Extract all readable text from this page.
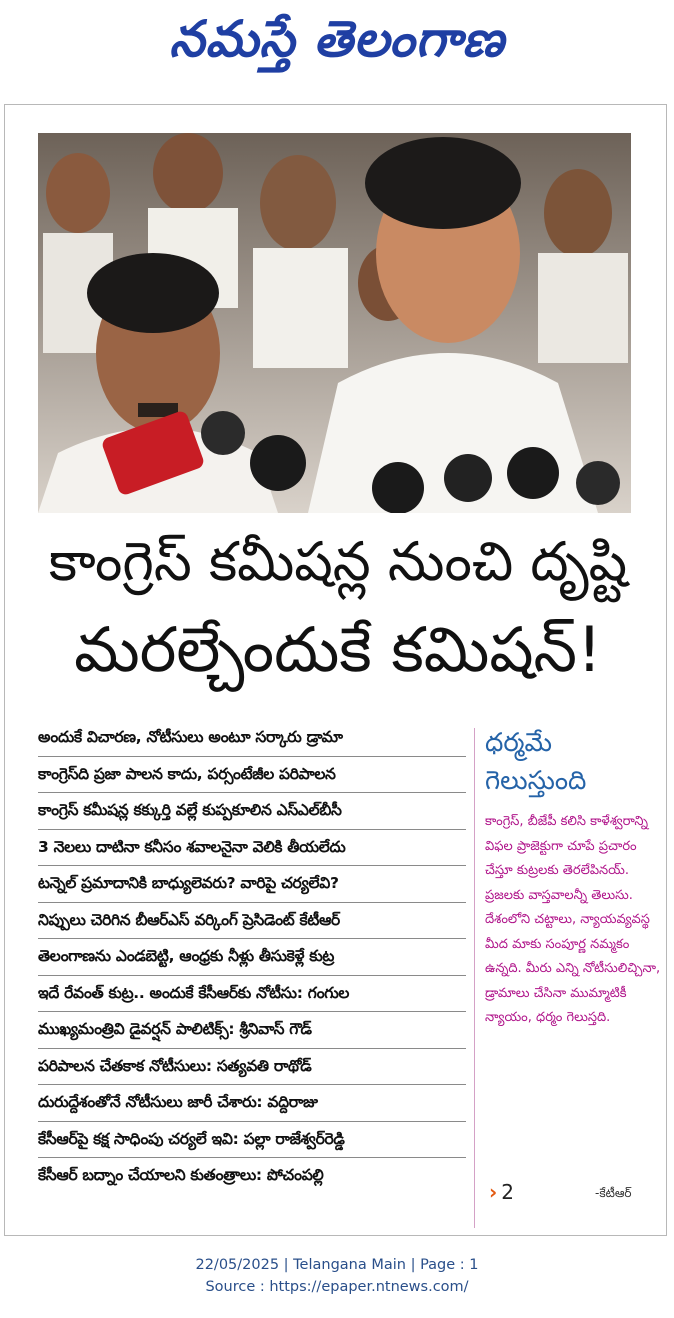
నమస్తే తెలంగాణ
కాంగ్రెస్ కమీషన్ల నుంచి దృష్టి
మరల్చేందుకే కమిషన్!
అందుకే విచారణ, నోటీసులు అంటూ సర్కారు డ్రామా
కాంగ్రెస్‌ది ప్రజా పాలన కాదు, పర్సంటేజీల పరిపాలన
కాంగ్రెస్ కమీషన్ల కక్కుర్తి వల్లే కుప్పకూలిన ఎస్‌ఎల్‌బీసీ
3 నెలలు దాటినా కనీసం శవాలనైనా వెలికి తీయలేదు
టన్నెల్ ప్రమాదానికి బాధ్యులెవరు? వారిపై చర్యలేవి?
నిప్పులు చెరిగిన బీఆర్‌ఎస్ వర్కింగ్ ప్రెసిడెంట్ కేటీఆర్
తెలంగాణను ఎండబెట్టి, ఆంధ్రకు నీళ్లు తీసుకెళ్లే కుట్ర
ఇదే రేవంత్ కుట్ర.. అందుకే కేసీఆర్‌కు నోటీసు: గంగుల
ముఖ్యమంత్రివి డైవర్షన్ పాలిటిక్స్: శ్రీనివాస్ గౌడ్
పరిపాలన చేతకాక నోటీసులు: సత్యవతి రాథోడ్
దురుద్దేశంతోనే నోటీసులు జారీ చేశారు: వద్దిరాజు
కేసీఆర్‌పై కక్ష సాధింపు చర్యలే ఇవి: పల్లా రాజేశ్వర్‌రెడ్డి
కేసీఆర్ బద్నాం చేయాలని కుతంత్రాలు: పోచంపల్లి
ధర్మమే
గెలుస్తుంది
కాంగ్రెస్, బీజేపీ కలిసి కాళేశ్వరాన్ని విఫల ప్రాజెక్టుగా చూపే ప్రచారం చేస్తూ కుట్రలకు తెరలేపినయ్. ప్రజలకు వాస్తవాలన్నీ తెలుసు. దేశంలోని చట్టాలు, న్యాయవ్యవస్థ మీద మాకు సంపూర్ణ నమ్మకం ఉన్నది. మీరు ఎన్ని నోటీసులిచ్చినా, డ్రామాలు చేసినా ముమ్మాటికీ న్యాయం, ధర్మం గెలుస్తది.
› 2	-కేటీఆర్
22/05/2025 | Telangana Main | Page : 1
Source : https://epaper.ntnews.com/
